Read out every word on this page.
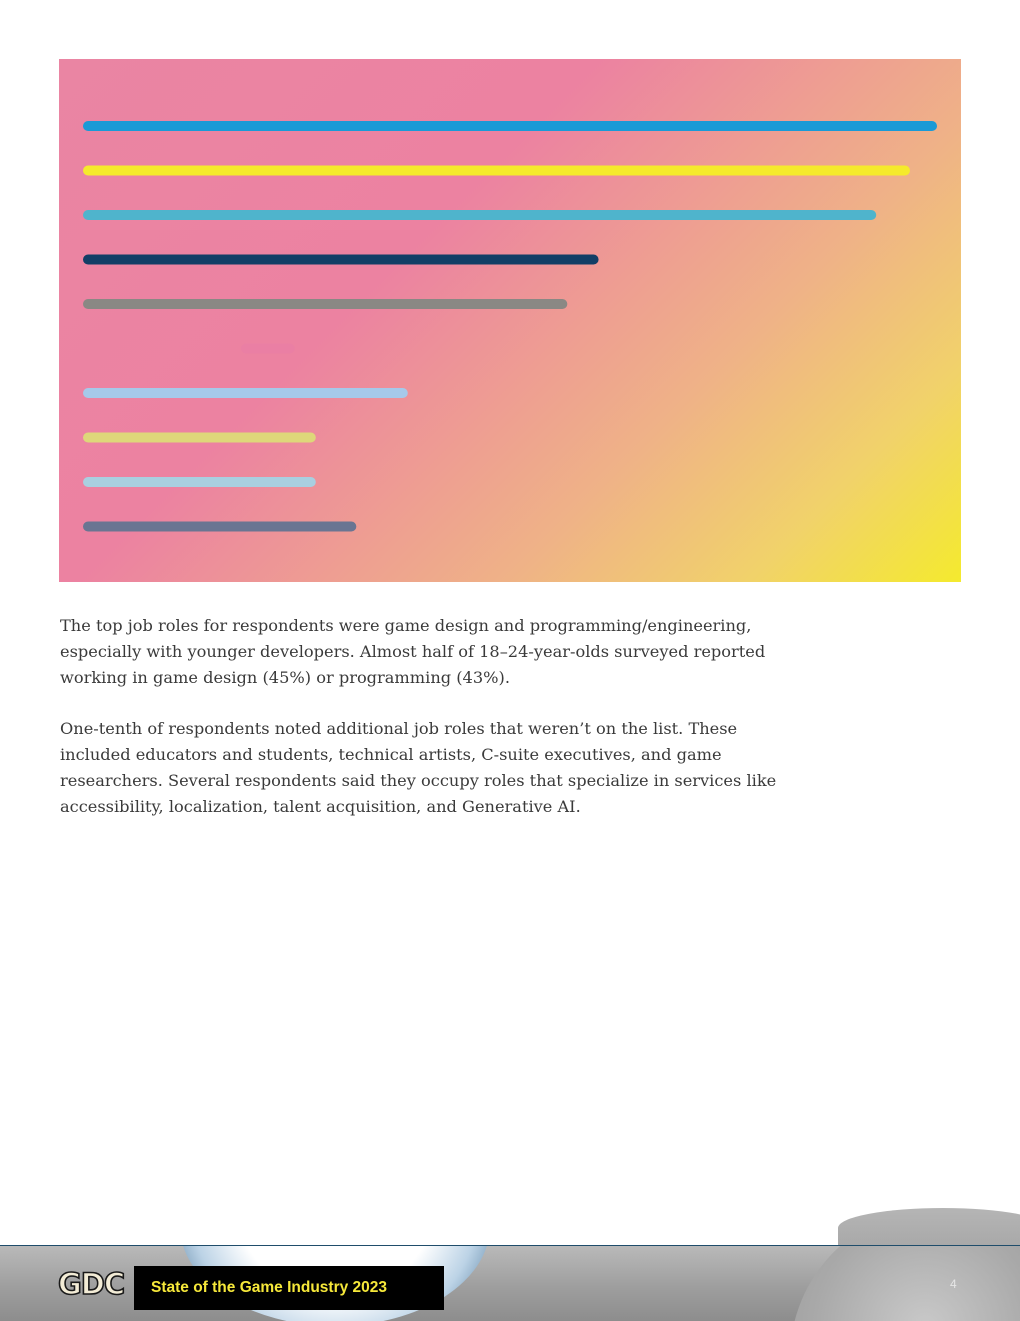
The top job roles for respondents were game design and programming/engineering, especially with younger developers. Almost half of 18–24-year-olds surveyed reported working in game design (45%) or programming (43%).

One-tenth of respondents noted additional job roles that weren’t on the list. These included educators and students, technical artists, C-suite executives, and game researchers. Several respondents said they occupy roles that specialize in services like accessibility, localization, talent acquisition, and Generative AI.

GDC State of the Game Industry 2023	4
